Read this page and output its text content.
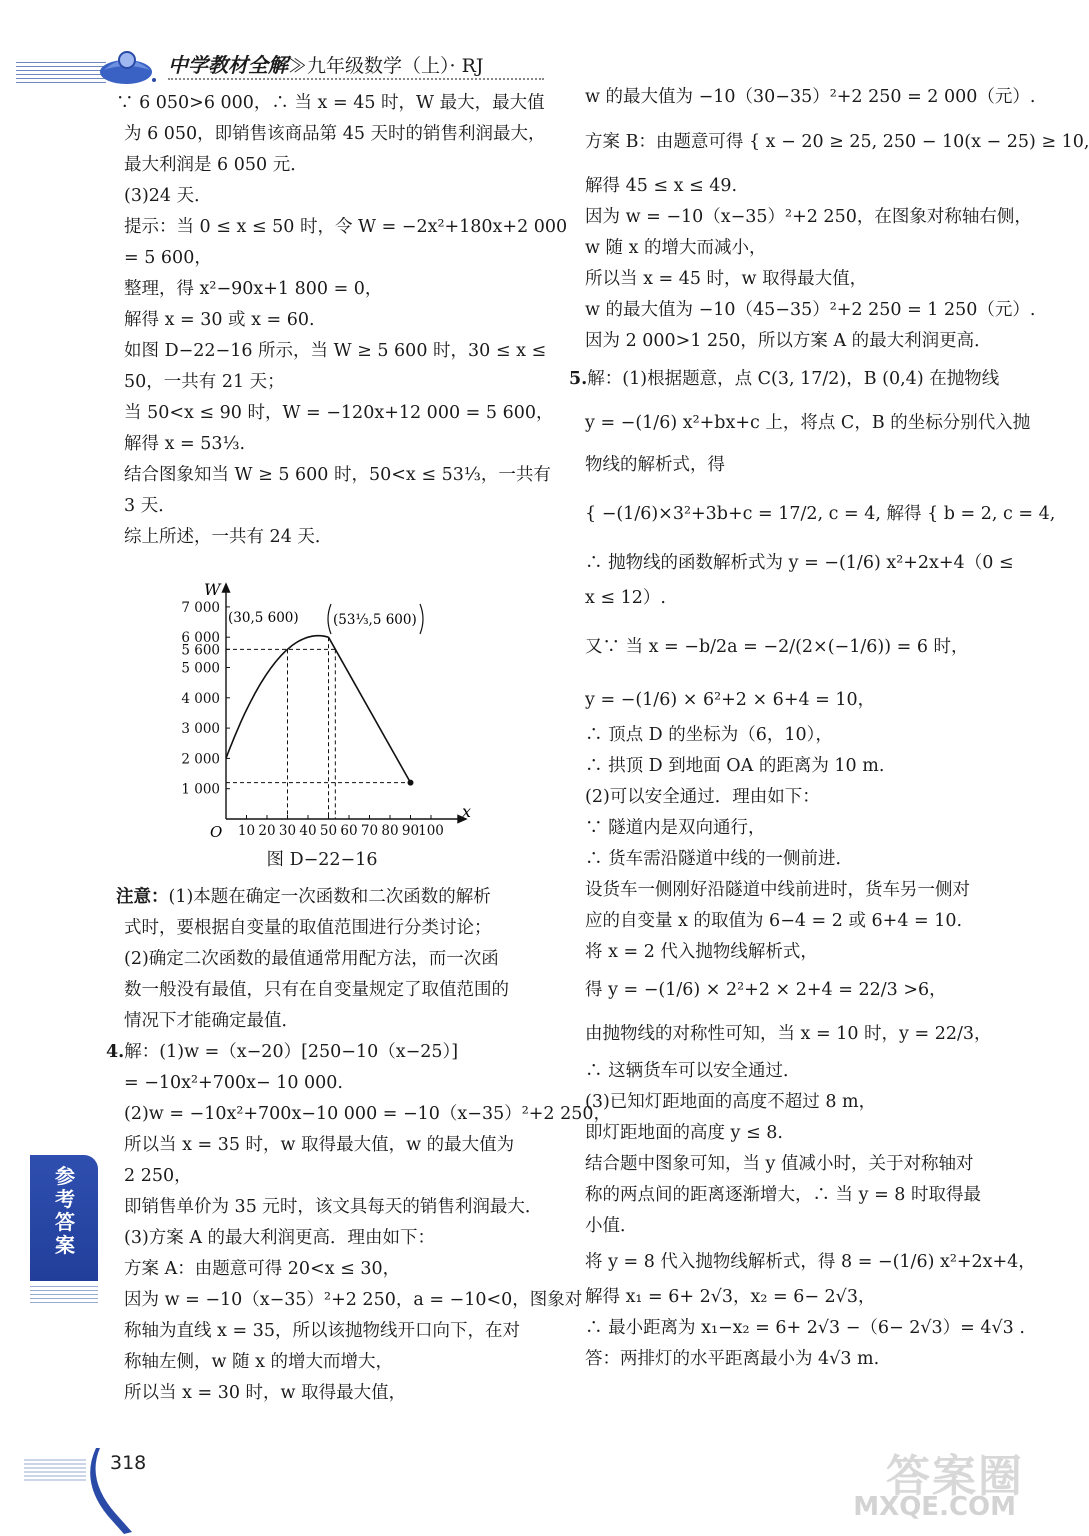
中学教材全解≫九年级数学（上）· RJ

∵ 6 050>6 000，∴ 当 x = 45 时，W 最大，最大值

为 6 050，即销售该商品第 45 天时的销售利润最大，

最大利润是 6 050 元．

(3)24 天．

提示：当 0 ≤ x ≤ 50 时，令 W = −2x²+180x+2 000

= 5 600，

整理，得 x²−90x+1 800 = 0，

解得 x = 30 或 x = 60.

如图 D−22−16 所示，当 W ≥ 5 600 时，30 ≤ x ≤

50，一共有 21 天；

当 50<x ≤ 90 时，W = −120x+12 000 = 5 600，

解得 x = 53⅓.

结合图象知当 W ≥ 5 600 时，50<x ≤ 53⅓，一共有

3 天．

综上所述，一共有 24 天．

7 000
6 000
5 600
5 000
4 000
3 000
2 000
1 000
10 20 30 40 50 60 70 80 90 100
W
x
O
(30,5 600)	(53⅓,5 600)

图 D−22−16

注意：(1)本题在确定一次函数和二次函数的解析

式时，要根据自变量的取值范围进行分类讨论；

(2)确定二次函数的最值通常用配方法，而一次函

数一般没有最值，只有在自变量规定了取值范围的

情况下才能确定最值．

4.解：(1)w =（x−20）[250−10（x−25）]

= −10x²+700x− 10 000.

(2)w = −10x²+700x−10 000 = −10（x−35）²+2 250，

所以当 x = 35 时，w 取得最大值，w 的最大值为

2 250，

即销售单价为 35 元时，该文具每天的销售利润最大．

(3)方案 A 的最大利润更高．理由如下：

方案 A：由题意可得 20<x ≤ 30，

因为 w = −10（x−35）²+2 250，a = −10<0，图象对

称轴为直线 x = 35，所以该抛物线开口向下，在对

称轴左侧，w 随 x 的增大而增大，

所以当 x = 30 时，w 取得最大值，

w 的最大值为 −10（30−35）²+2 250 = 2 000（元）.

方案 B：由题意可得 { x − 20 ≥ 25, 250 − 10(x − 25) ≥ 10,

解得 45 ≤ x ≤ 49.

因为 w = −10（x−35）²+2 250，在图象对称轴右侧，

w 随 x 的增大而减小，

所以当 x = 45 时，w 取得最大值，

w 的最大值为 −10（45−35）²+2 250 = 1 250（元）.

因为 2 000>1 250，所以方案 A 的最大利润更高．

5.解：(1)根据题意，点 C(3, 17/2)，B (0,4) 在抛物线

y = −(1/6) x²+bx+c 上，将点 C，B 的坐标分别代入抛

物线的解析式，得

{ −(1/6)×3²+3b+c = 17/2, c = 4, 解得 { b = 2, c = 4,

∴ 抛物线的函数解析式为 y = −(1/6) x²+2x+4（0 ≤

x ≤ 12）.

又∵ 当 x = −b/2a = −2/(2×(−1/6)) = 6 时，

y = −(1/6) × 6²+2 × 6+4 = 10，

∴ 顶点 D 的坐标为（6，10），

∴ 拱顶 D 到地面 OA 的距离为 10 m.

(2)可以安全通过．理由如下：

∵ 隧道内是双向通行，

∴ 货车需沿隧道中线的一侧前进．

设货车一侧刚好沿隧道中线前进时，货车另一侧对

应的自变量 x 的取值为 6−4 = 2 或 6+4 = 10.

将 x = 2 代入抛物线解析式，

得 y = −(1/6) × 2²+2 × 2+4 = 22/3 >6，

由抛物线的对称性可知，当 x = 10 时，y = 22/3，

∴ 这辆货车可以安全通过．

(3)已知灯距地面的高度不超过 8 m，

即灯距地面的高度 y ≤ 8.

结合题中图象可知，当 y 值减小时，关于对称轴对

称的两点间的距离逐渐增大，∴ 当 y = 8 时取得最

小值．

将 y = 8 代入抛物线解析式，得 8 = −(1/6) x²+2x+4，

解得 x₁ = 6+ 2√3，x₂ = 6− 2√3，

∴ 最小距离为 x₁−x₂ = 6+ 2√3 −（6− 2√3）= 4√3 .

答：两排灯的水平距离最小为 4√3 m.

参考答案
318	答案圈
MXQE.COM
